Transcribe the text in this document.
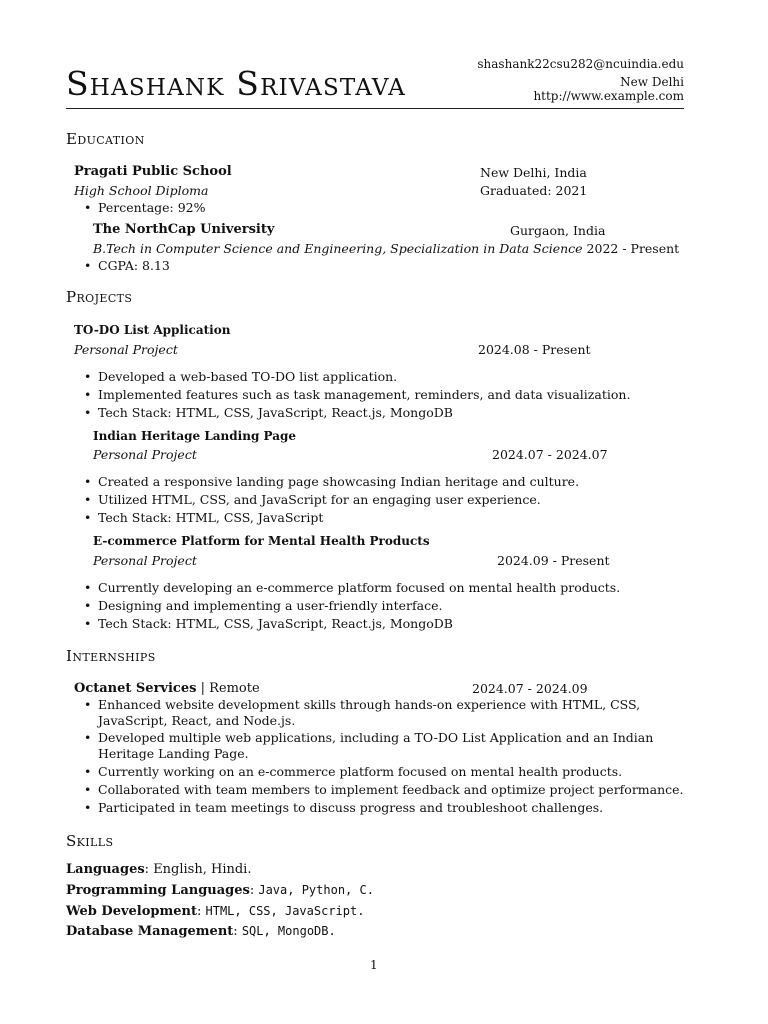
Shashank Srivastava	shashank22csu282@ncuindia.edu
New Delhi
http://www.example.com
Education
Pragati Public School	New Delhi, India
High School Diploma	Graduated: 2021
• Percentage: 92%
The NorthCap University	Gurgaon, India
B.Tech in Computer Science and Engineering, Specialization in Data Science 2022 - Present
• CGPA: 8.13
Projects
TO-DO List Application
Personal Project	2024.08 - Present
• Developed a web-based TO-DO list application.
• Implemented features such as task management, reminders, and data visualization.
• Tech Stack: HTML, CSS, JavaScript, React.js, MongoDB
Indian Heritage Landing Page
Personal Project	2024.07 - 2024.07
• Created a responsive landing page showcasing Indian heritage and culture.
• Utilized HTML, CSS, and JavaScript for an engaging user experience.
• Tech Stack: HTML, CSS, JavaScript
E-commerce Platform for Mental Health Products
Personal Project	2024.09 - Present
• Currently developing an e-commerce platform focused on mental health products.
• Designing and implementing a user-friendly interface.
• Tech Stack: HTML, CSS, JavaScript, React.js, MongoDB
Internships
Octanet Services | Remote	2024.07 - 2024.09
• Enhanced website development skills through hands-on experience with HTML, CSS, JavaScript, React, and Node.js.
• Developed multiple web applications, including a TO-DO List Application and an Indian Heritage Landing Page.
• Currently working on an e-commerce platform focused on mental health products.
• Collaborated with team members to implement feedback and optimize project performance.
• Participated in team meetings to discuss progress and troubleshoot challenges.
Skills
Languages: English, Hindi.
Programming Languages: Java, Python, C.
Web Development: HTML, CSS, JavaScript.
Database Management: SQL, MongoDB.
1
